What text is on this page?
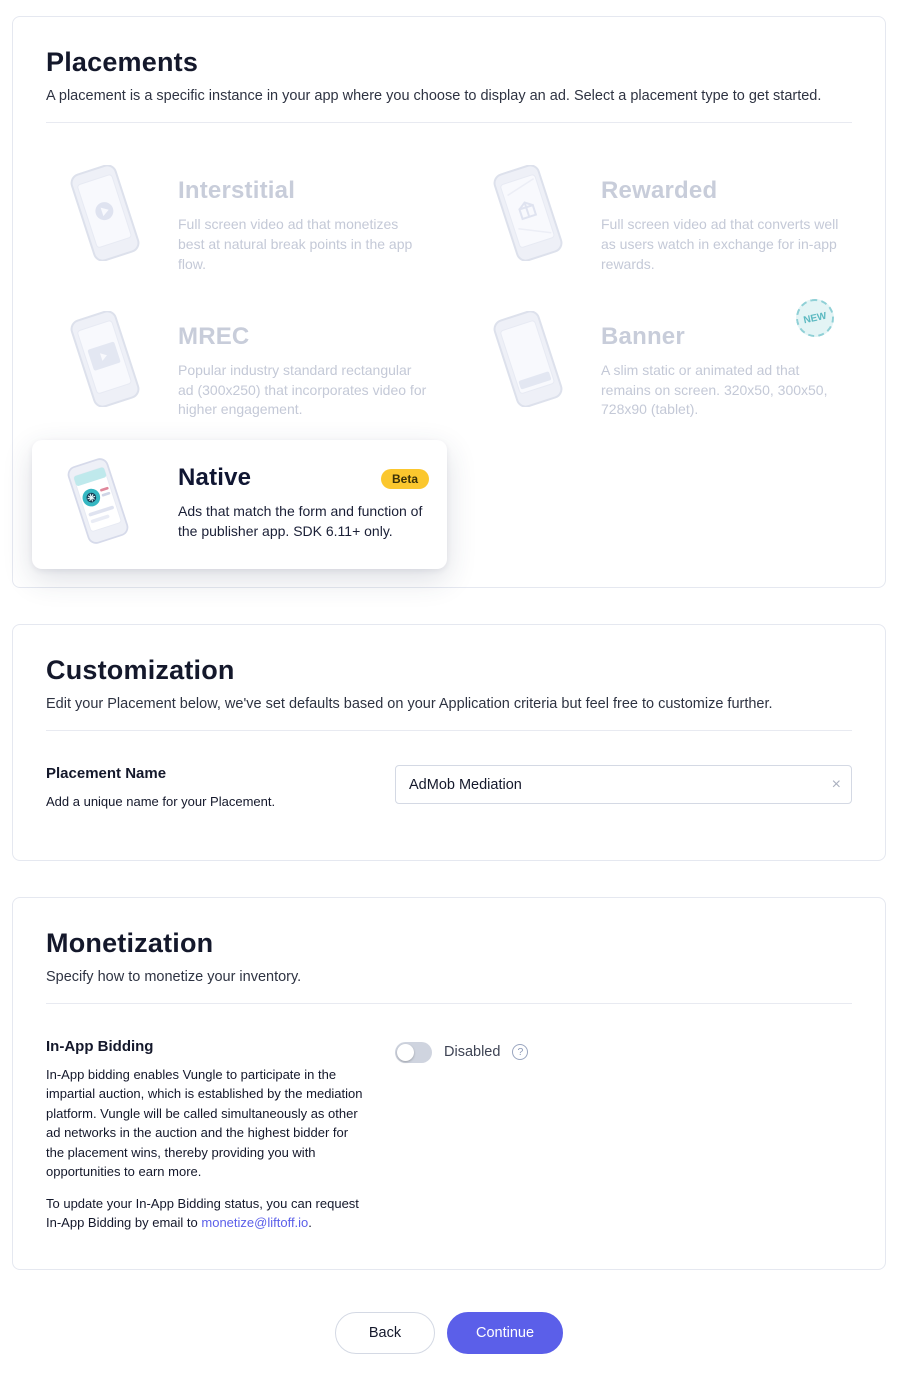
Placements

A placement is a specific instance in your app where you choose to display an ad. Select a placement type to get started.

Interstitial

Full screen video ad that monetizes best at natural break points in the app flow.

Rewarded

Full screen video ad that converts well as users watch in exchange for in-app rewards.

MREC

Popular industry standard rectangular ad (300x250) that incorporates video for higher engagement.

Banner

A slim static or animated ad that remains on screen. 320x50, 300x50, 728x90 (tablet).

NEW
Native	Beta

Ads that match the form and function of the publisher app. SDK 6.11+ only.

Customization

Edit your Placement below, we've set defaults based on your Application criteria but feel free to customize further.

Placement Name

Add a unique name for your Placement.

AdMob Mediation
×
Monetization

Specify how to monetize your inventory.

In-App Bidding

In-App bidding enables Vungle to participate in the impartial auction, which is established by the mediation platform. Vungle will be called simultaneously as other ad networks in the auction and the highest bidder for the placement wins, thereby providing you with opportunities to earn more.

To update your In-App Bidding status, you can request In-App Bidding by email to monetize@liftoff.io.

Disabled	?
Back	Continue
